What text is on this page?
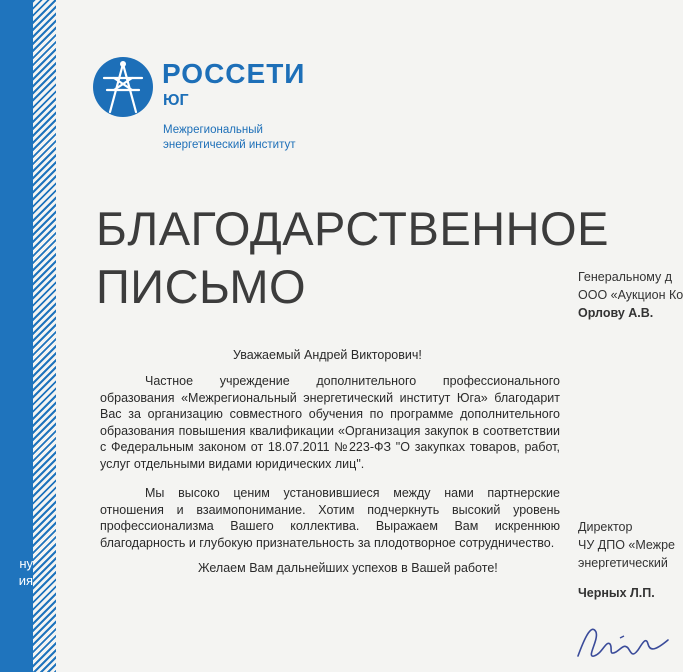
ну
ия
РОССЕТИ
ЮГ
Межрегиональный энергетический институт
БЛАГОДАРСТВЕННОЕ
ПИСЬМО	Генеральному д
ООО «Аукцион Ко
Орлову А.В.
Уважаемый Андрей Викторович!
Частное учреждение дополнительного профессионального образования «Межрегиональный энергетический институт Юга» благодарит Вас за организацию совместного обучения по программе дополнительного образования повышения квалификации «Организация закупок в соответствии с Федеральным законом от 18.07.2011 №223-ФЗ "О закупках товаров, работ, услуг отдельными видами юридических лиц".
Мы высоко ценим установившиеся между нами партнерские отношения и взаимопонимание. Хотим подчеркнуть высокий уровень профессионализма Вашего коллектива. Выражаем Вам искреннюю благодарность и глубокую признательность за плодотворное сотрудничество.
Желаем Вам дальнейших успехов в Вашей работе!
Директор
ЧУ ДПО «Межре
энергетический
Черных Л.П.
